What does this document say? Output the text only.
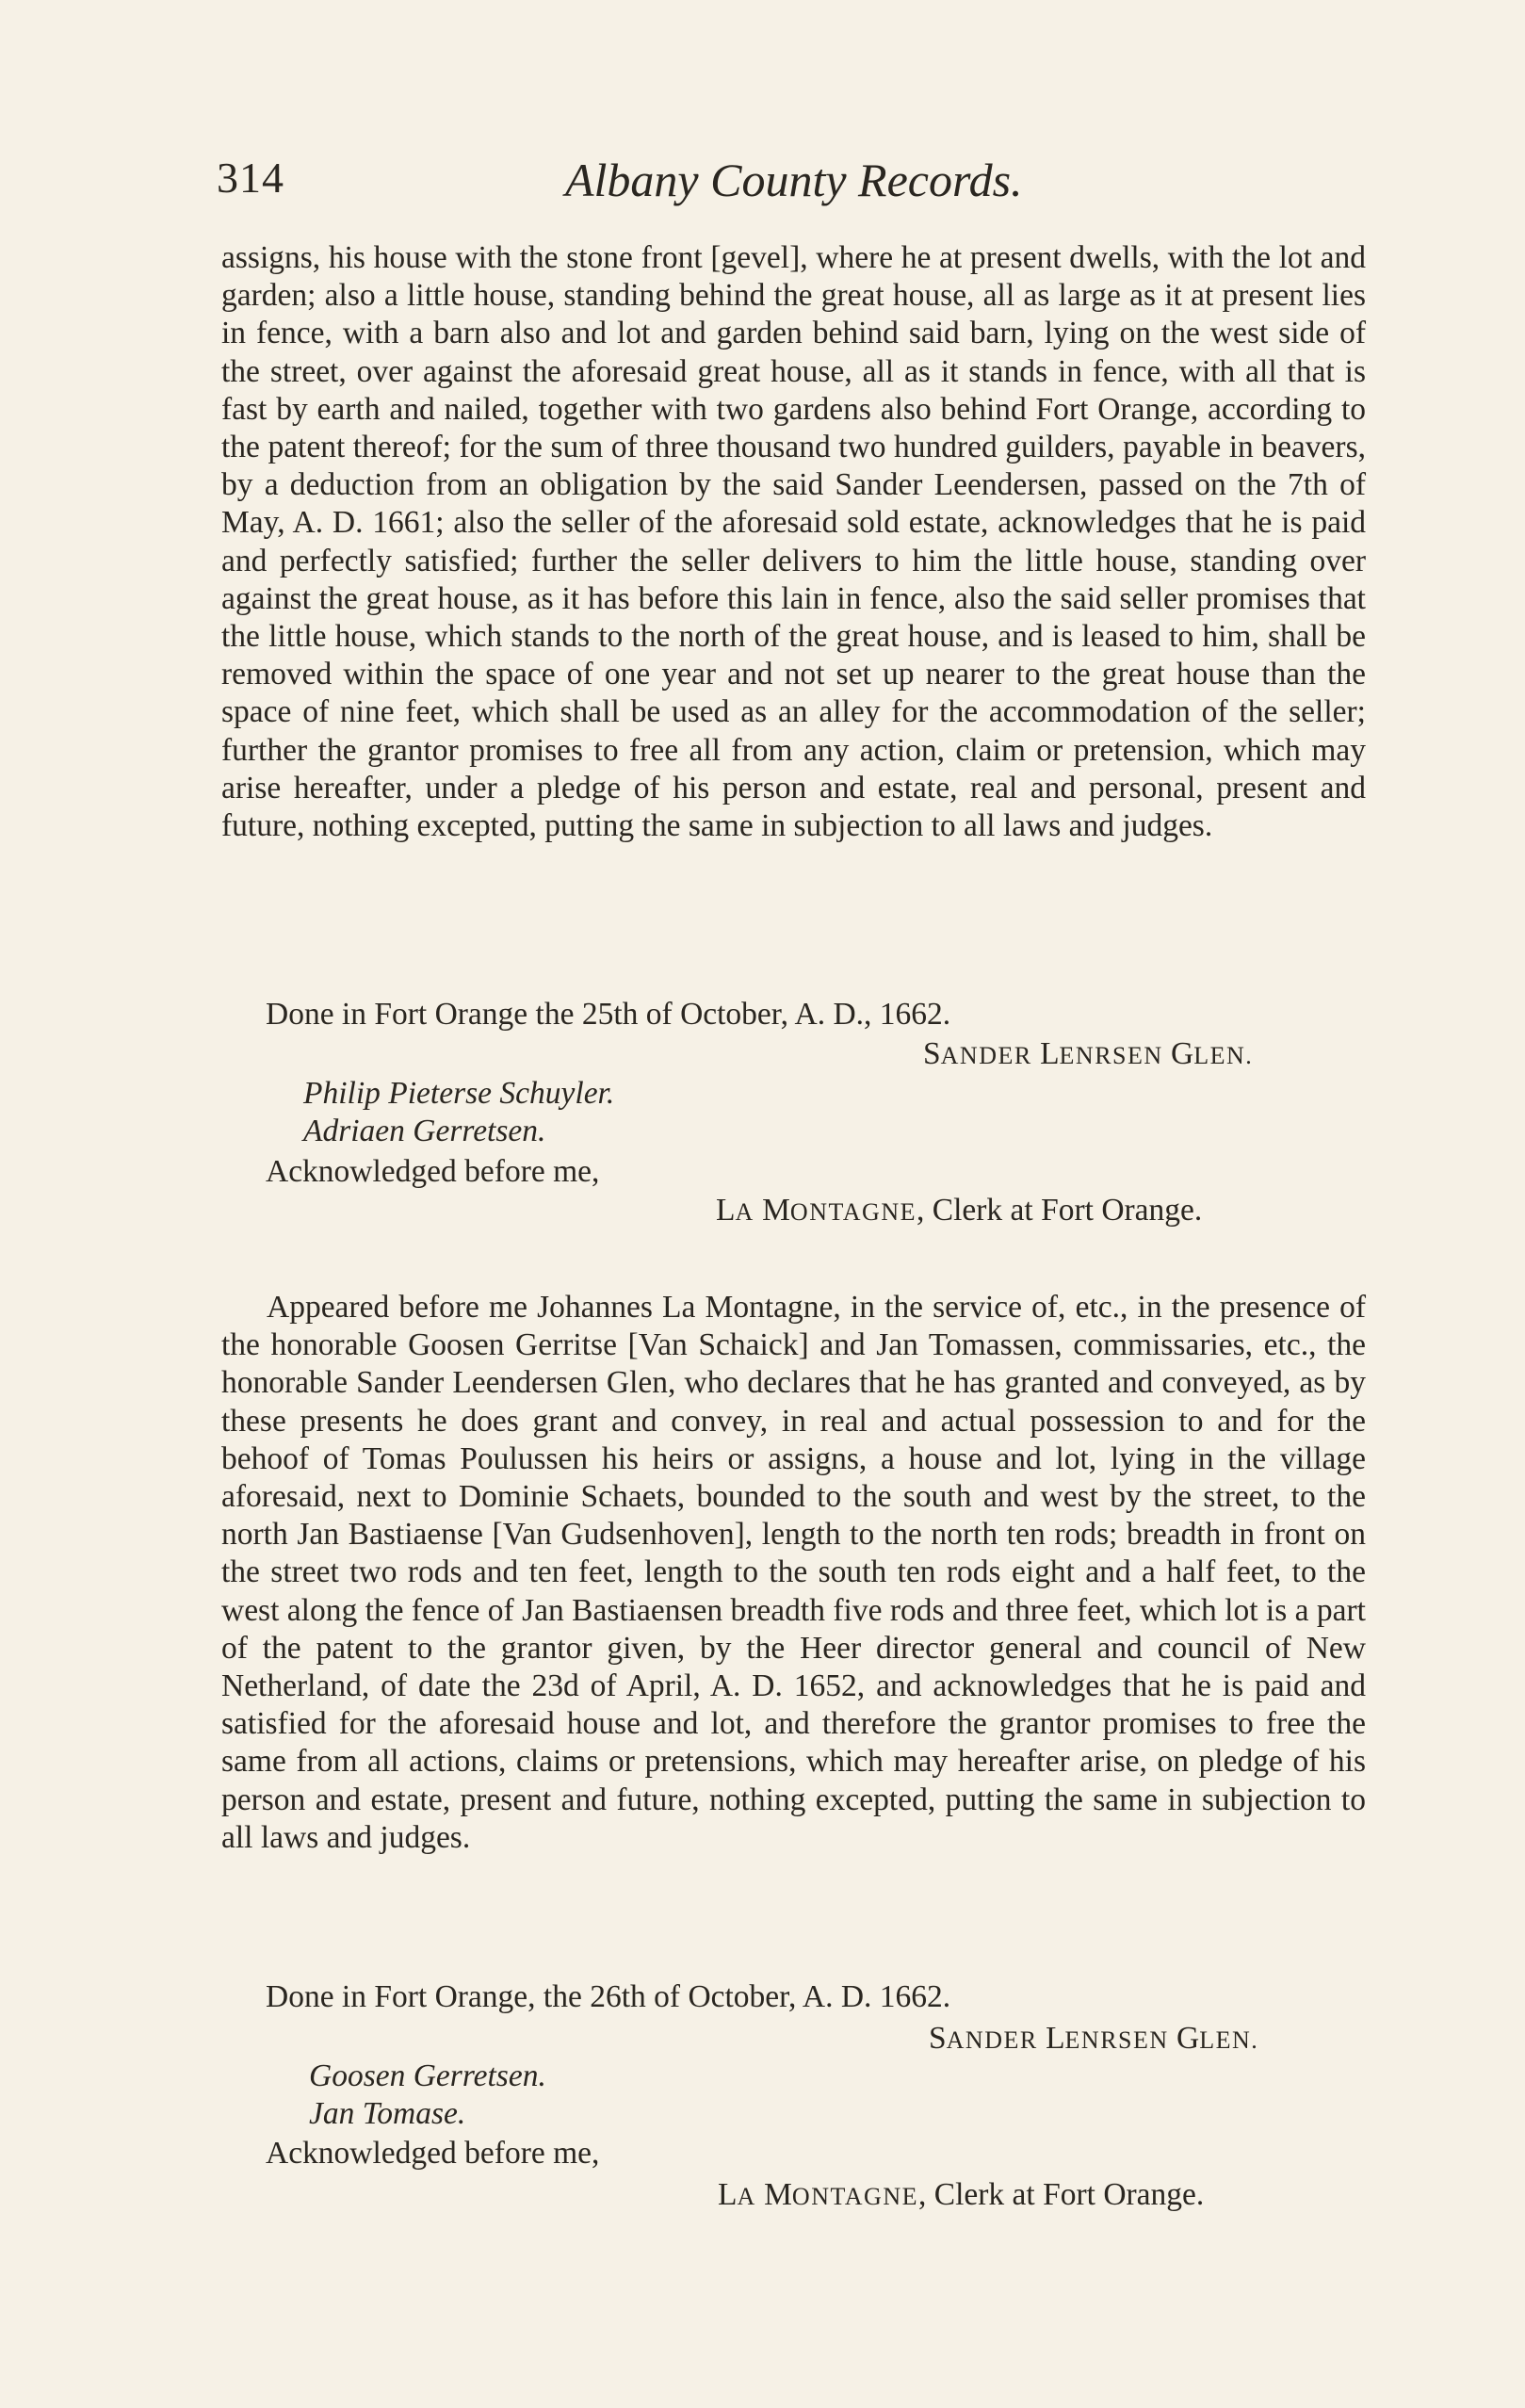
314	Albany County Records.

assigns, his house with the stone front [gevel], where he at present dwells, with the lot and garden; also a little house, standing behind the great house, all as large as it at present lies in fence, with a barn also and lot and garden behind said barn, lying on the west side of the street, over against the aforesaid great house, all as it stands in fence, with all that is fast by earth and nailed, together with two gardens also behind Fort Orange, according to the patent thereof; for the sum of three thousand two hundred guilders, payable in beavers, by a deduction from an obligation by the said Sander Leendersen, passed on the 7th of May, A. D. 1661; also the seller of the aforesaid sold estate, acknowledges that he is paid and perfectly satisfied; further the seller delivers to him the little house, standing over against the great house, as it has before this lain in fence, also the said seller promises that the little house, which stands to the north of the great house, and is leased to him, shall be removed within the space of one year and not set up nearer to the great house than the space of nine feet, which shall be used as an alley for the accommodation of the seller; further the grantor promises to free all from any action, claim or pretension, which may arise hereafter, under a pledge of his person and estate, real and personal, present and future, nothing excepted, putting the same in subjection to all laws and judges.

Done in Fort Orange the 25th of October, A. D., 1662.
SANDER LENRSEN GLEN.
Philip Pieterse Schuyler.
Adriaen Gerretsen.
Acknowledged before me,
LA MONTAGNE, Clerk at Fort Orange.

Appeared before me Johannes La Montagne, in the service of, etc., in the presence of the honorable Goosen Gerritse [Van Schaick] and Jan Tomassen, commissaries, etc., the honorable Sander Leendersen Glen, who declares that he has granted and conveyed, as by these presents he does grant and convey, in real and actual possession to and for the behoof of Tomas Poulussen his heirs or assigns, a house and lot, lying in the village aforesaid, next to Dominie Schaets, bounded to the south and west by the street, to the north Jan Bastiaense [Van Gudsenhoven], length to the north ten rods; breadth in front on the street two rods and ten feet, length to the south ten rods eight and a half feet, to the west along the fence of Jan Bastiaensen breadth five rods and three feet, which lot is a part of the patent to the grantor given, by the Heer director general and council of New Netherland, of date the 23d of April, A. D. 1652, and acknowledges that he is paid and satisfied for the aforesaid house and lot, and therefore the grantor promises to free the same from all actions, claims or pretensions, which may hereafter arise, on pledge of his person and estate, present and future, nothing excepted, putting the same in subjection to all laws and judges.

Done in Fort Orange, the 26th of October, A. D. 1662.
SANDER LENRSEN GLEN.
Goosen Gerretsen.
Jan Tomase.
Acknowledged before me,
LA MONTAGNE, Clerk at Fort Orange.
